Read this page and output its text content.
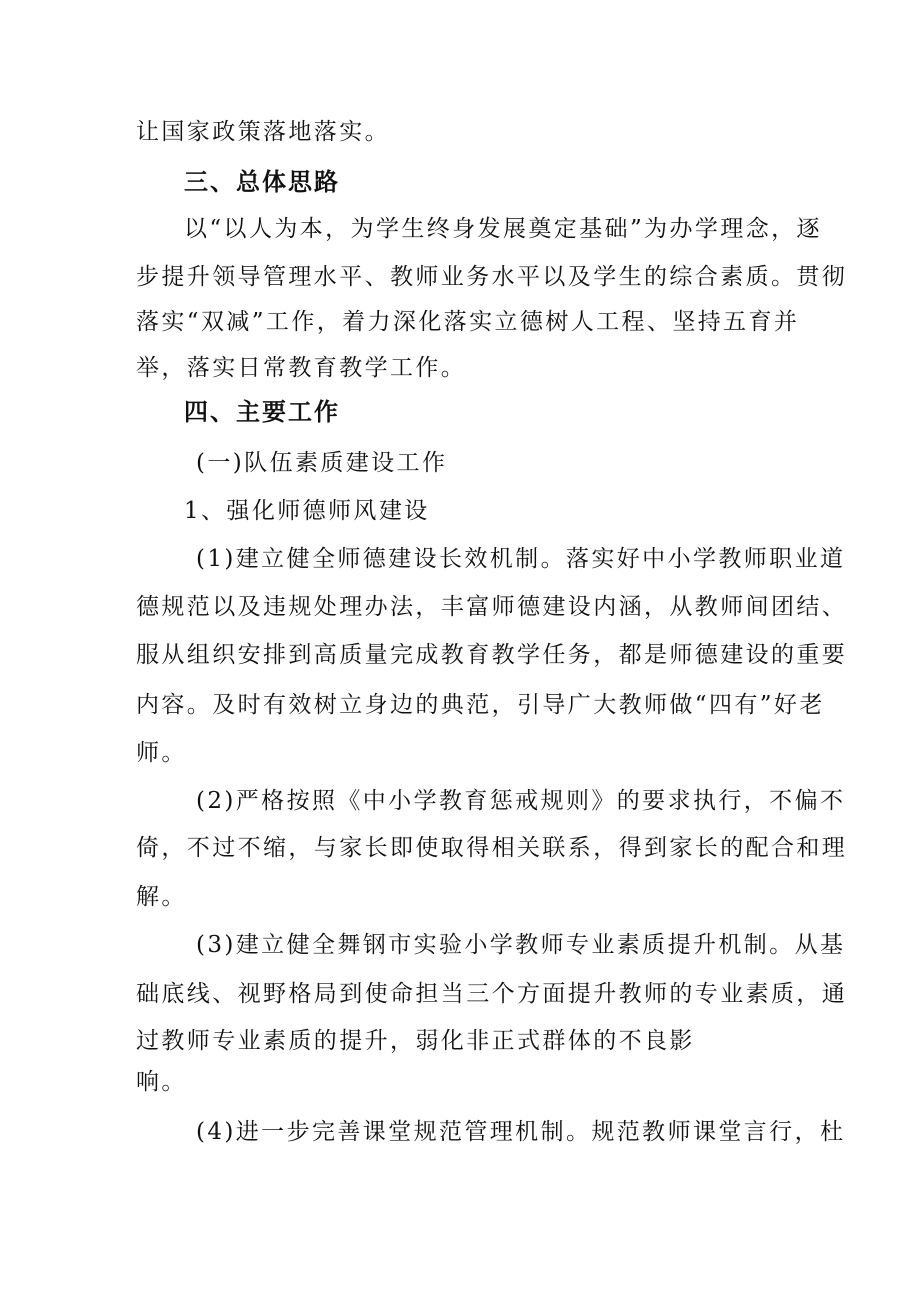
让国家政策落地落实。
三、总体思路
以“以人为本，为学生终身发展奠定基础”为办学理念，逐
步提升领导管理水平、教师业务水平以及学生的综合素质。贯彻
落实“双减”工作，着力深化落实立德树人工程、坚持五育并
举，落实日常教育教学工作。
四、主要工作
(一)队伍素质建设工作
1、强化师德师风建设
(1)建立健全师德建设长效机制。落实好中小学教师职业道
德规范以及违规处理办法，丰富师德建设内涵，从教师间团结、
服从组织安排到高质量完成教育教学任务，都是师德建设的重要
内容。及时有效树立身边的典范，引导广大教师做“四有”好老
师。
(2)严格按照《中小学教育惩戒规则》的要求执行，不偏不
倚，不过不缩，与家长即使取得相关联系，得到家长的配合和理
解。
(3)建立健全舞钢市实验小学教师专业素质提升机制。从基
础底线、视野格局到使命担当三个方面提升教师的专业素质，通
过教师专业素质的提升，弱化非正式群体的不良影
响。
(4)进一步完善课堂规范管理机制。规范教师课堂言行，杜
